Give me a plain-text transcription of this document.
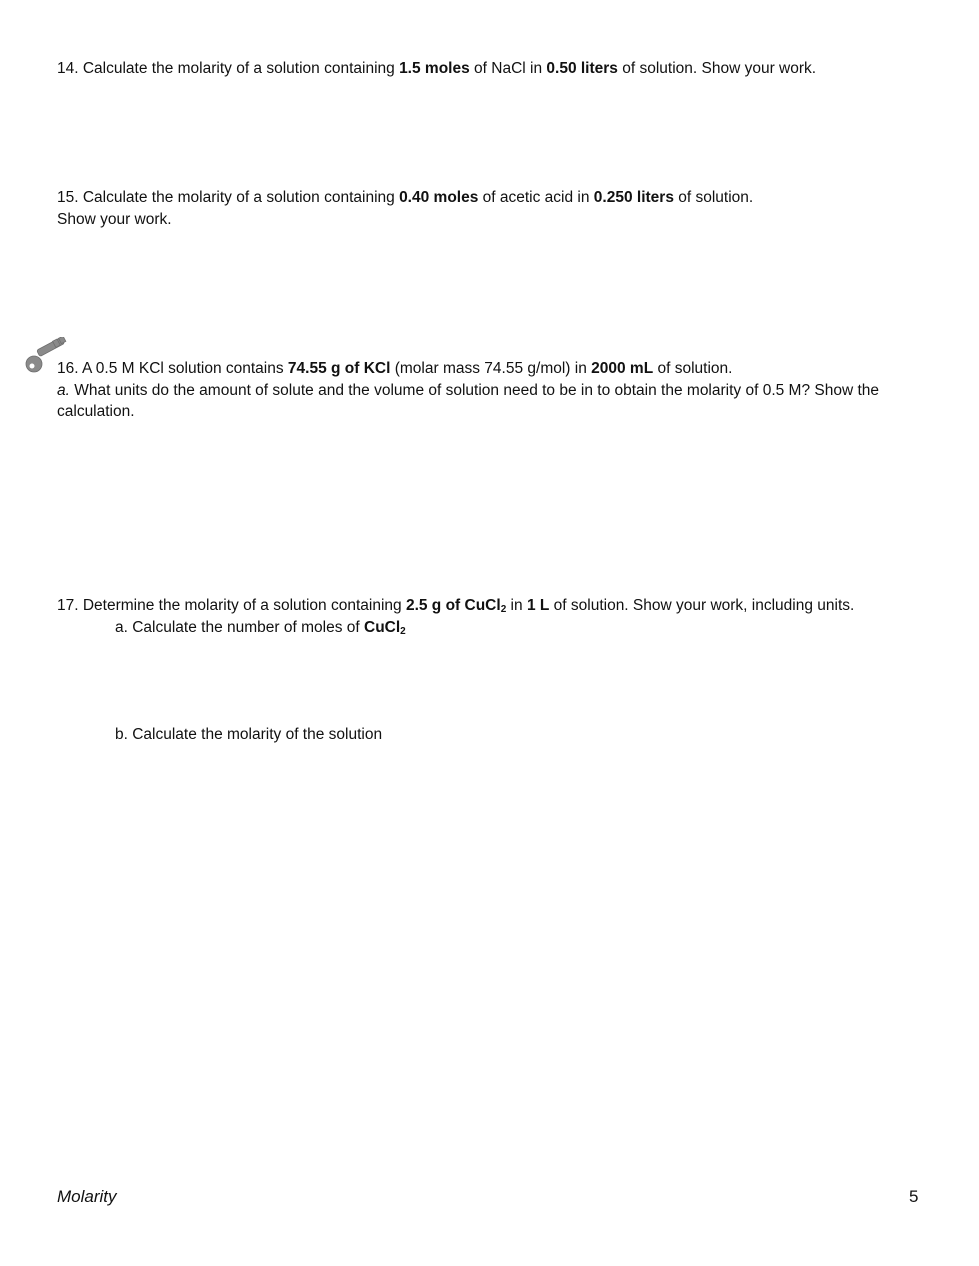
14. Calculate the molarity of a solution containing 1.5 moles of NaCl in 0.50 liters of solution. Show your work.
15. Calculate the molarity of a solution containing 0.40 moles of acetic acid in 0.250 liters of solution.
Show your work.
16. A 0.5 M KCl solution contains 74.55 g of KCl (molar mass 74.55 g/mol) in 2000 mL of solution.
a. What units do the amount of solute and the volume of solution need to be in to obtain the molarity of 0.5 M? Show the calculation.
17. Determine the molarity of a solution containing 2.5 g of CuCl$_2$ in 1 L of solution. Show your work, including units.
a. Calculate the number of moles of CuCl$_2$
b. Calculate the molarity of the solution
Molarity	5
